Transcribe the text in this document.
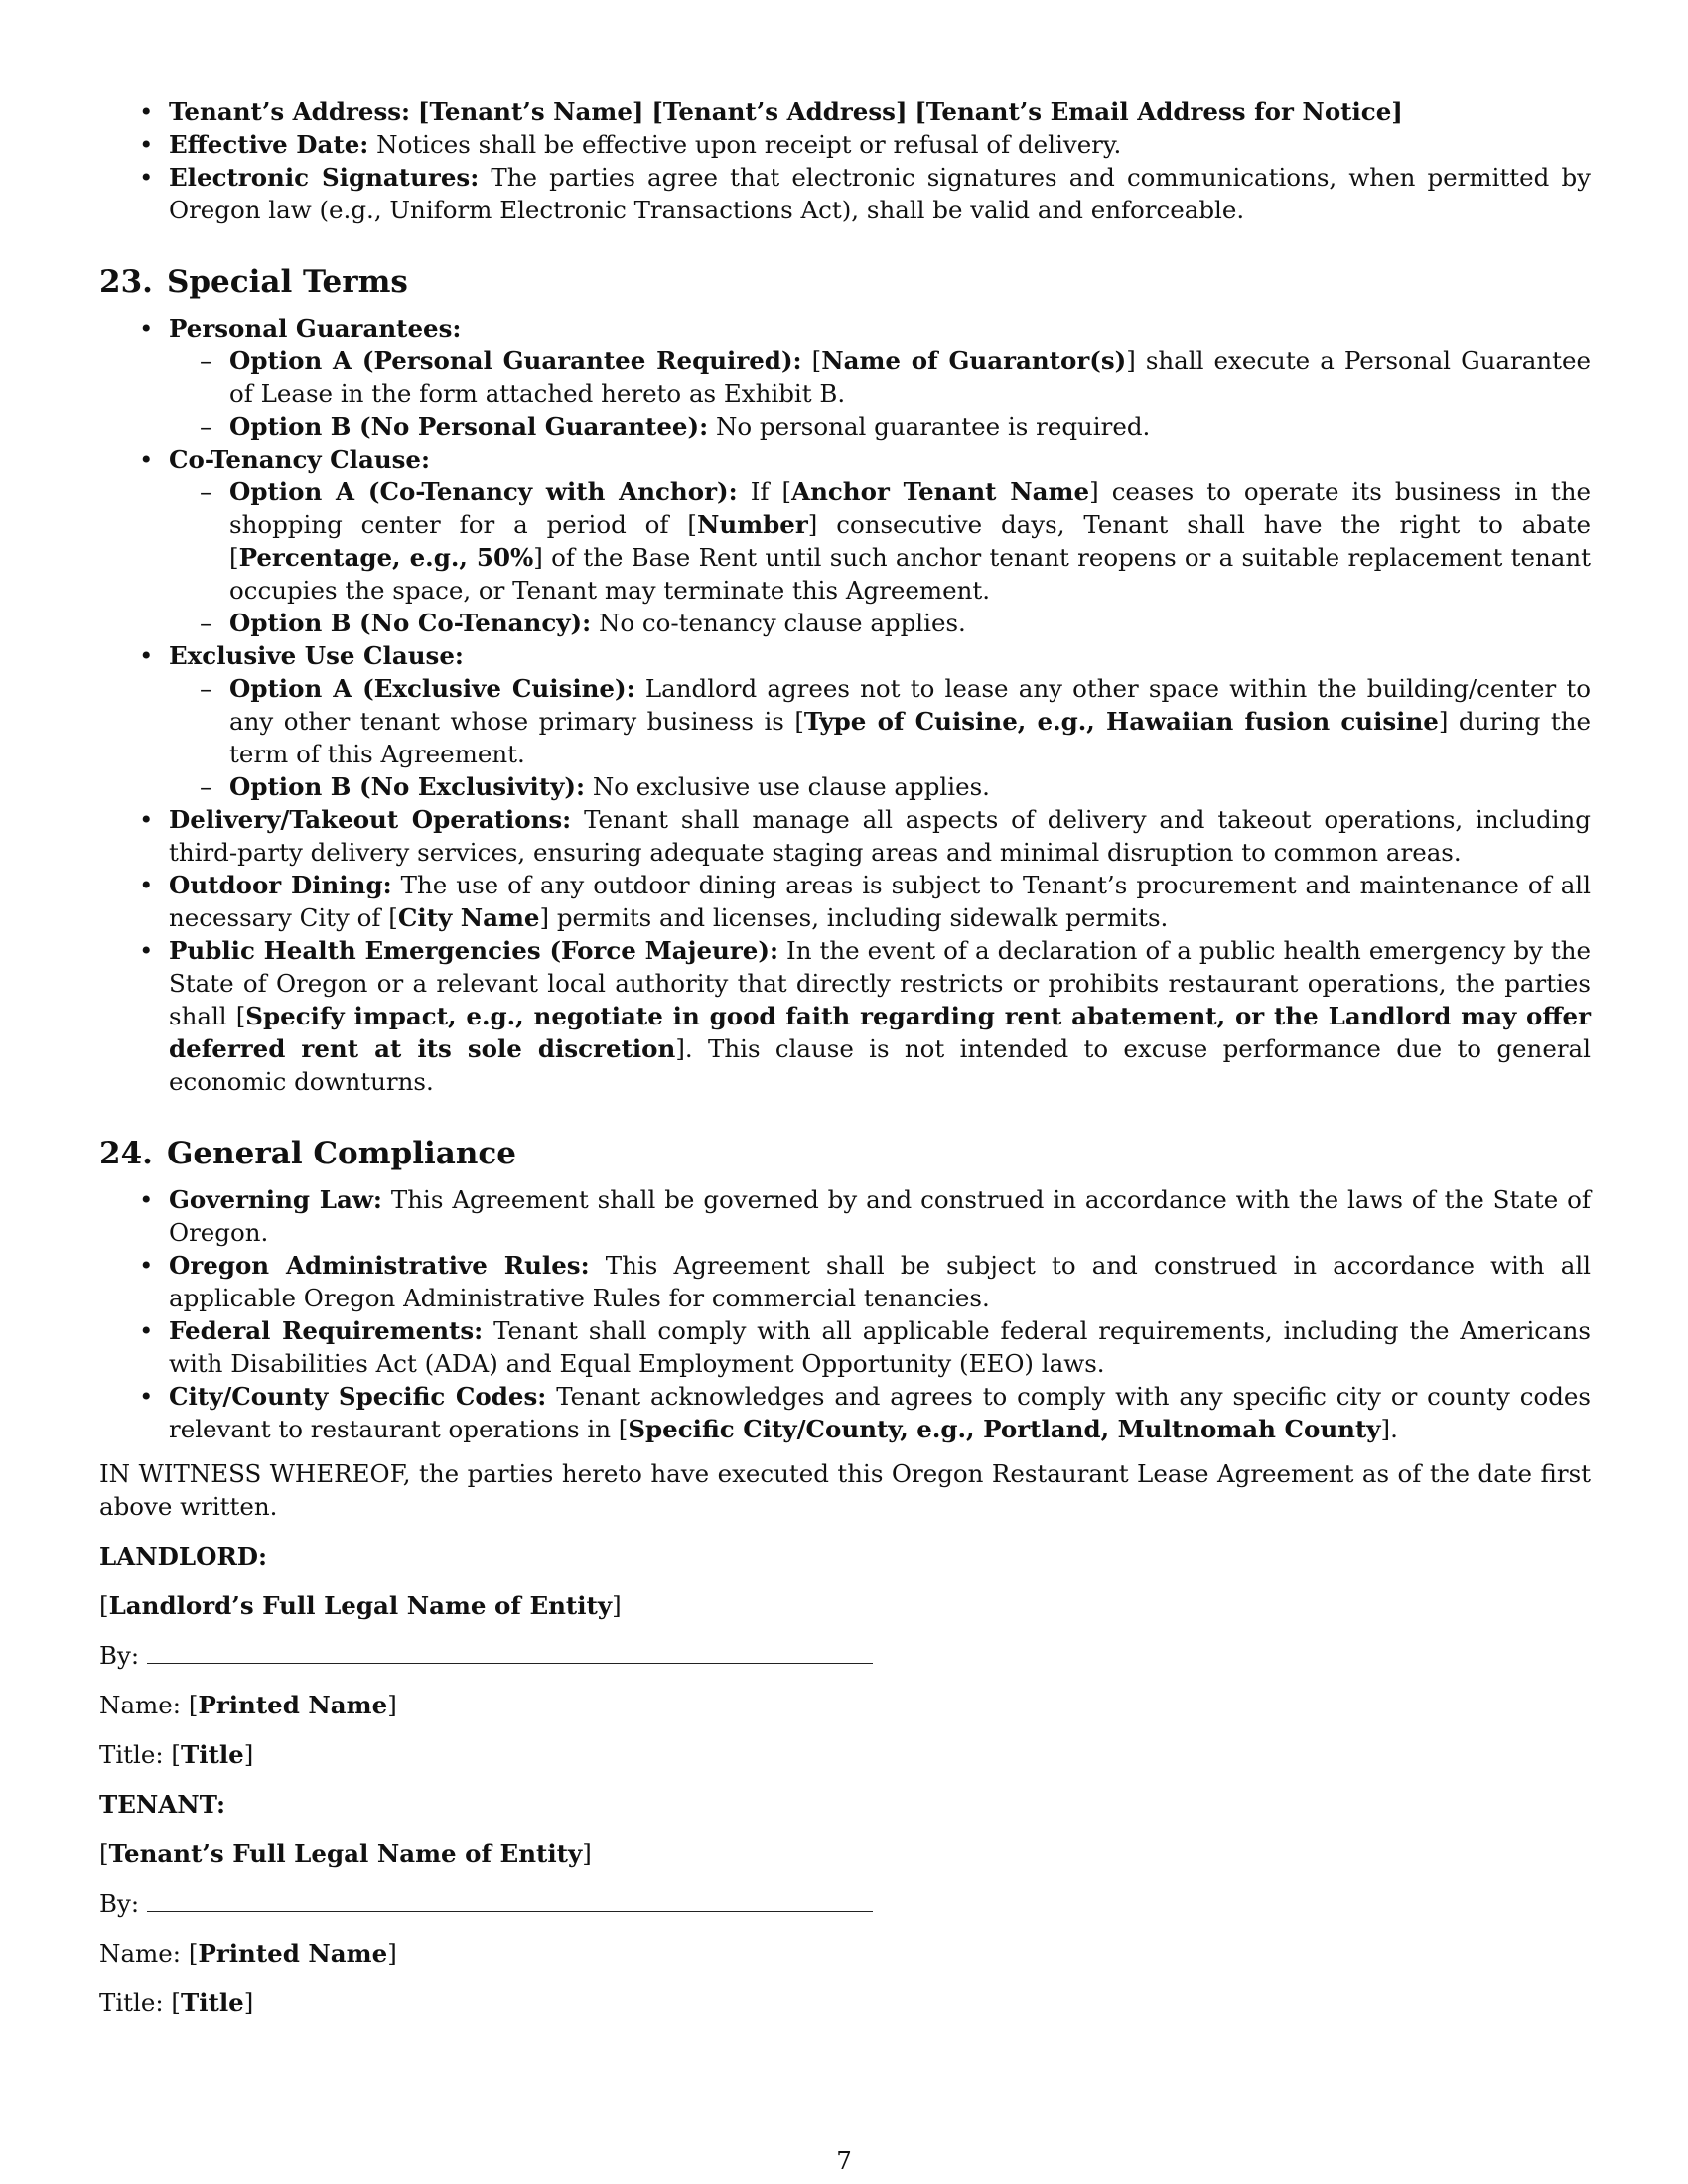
• Tenant’s Address: [Tenant’s Name] [Tenant’s Address] [Tenant’s Email Address for Notice]
• Effective Date: Notices shall be effective upon receipt or refusal of delivery.
• Electronic Signatures: The parties agree that electronic signatures and communications, when permitted by Oregon law (e.g., Uniform Electronic Transactions Act), shall be valid and enforceable.
23. Special Terms
• Personal Guarantees:
– Option A (Personal Guarantee Required): [Name of Guarantor(s)] shall execute a Personal Guarantee of Lease in the form attached hereto as Exhibit B.
– Option B (No Personal Guarantee): No personal guarantee is required.
• Co-Tenancy Clause:
– Option A (Co-Tenancy with Anchor): If [Anchor Tenant Name] ceases to operate its business in the shopping center for a period of [Number] consecutive days, Tenant shall have the right to abate [Percentage, e.g., 50%] of the Base Rent until such anchor tenant reopens or a suitable replacement tenant occupies the space, or Tenant may terminate this Agreement.
– Option B (No Co-Tenancy): No co-tenancy clause applies.
• Exclusive Use Clause:
– Option A (Exclusive Cuisine): Landlord agrees not to lease any other space within the building/center to any other tenant whose primary business is [Type of Cuisine, e.g., Hawaiian fusion cuisine] during the term of this Agreement.
– Option B (No Exclusivity): No exclusive use clause applies.
• Delivery/Takeout Operations: Tenant shall manage all aspects of delivery and takeout operations, including third-party delivery services, ensuring adequate staging areas and minimal disruption to common areas.
• Outdoor Dining: The use of any outdoor dining areas is subject to Tenant’s procurement and maintenance of all necessary City of [City Name] permits and licenses, including sidewalk permits.
• Public Health Emergencies (Force Majeure): In the event of a declaration of a public health emergency by the State of Oregon or a relevant local authority that directly restricts or prohibits restaurant operations, the parties shall [Specify impact, e.g., negotiate in good faith regarding rent abatement, or the Landlord may offer deferred rent at its sole discretion]. This clause is not intended to excuse performance due to general economic downturns.
24. General Compliance
• Governing Law: This Agreement shall be governed by and construed in accordance with the laws of the State of Oregon.
• Oregon Administrative Rules: This Agreement shall be subject to and construed in accordance with all applicable Oregon Administrative Rules for commercial tenancies.
• Federal Requirements: Tenant shall comply with all applicable federal requirements, including the Americans with Disabilities Act (ADA) and Equal Employment Opportunity (EEO) laws.
• City/County Specific Codes: Tenant acknowledges and agrees to comply with any specific city or county codes relevant to restaurant operations in [Specific City/County, e.g., Portland, Multnomah County].

IN WITNESS WHEREOF, the parties hereto have executed this Oregon Restaurant Lease Agreement as of the date first above written.

LANDLORD:

[Landlord’s Full Legal Name of Entity]

By:

Name: [Printed Name]

Title: [Title]

TENANT:

[Tenant’s Full Legal Name of Entity]

By:

Name: [Printed Name]

Title: [Title]

7
